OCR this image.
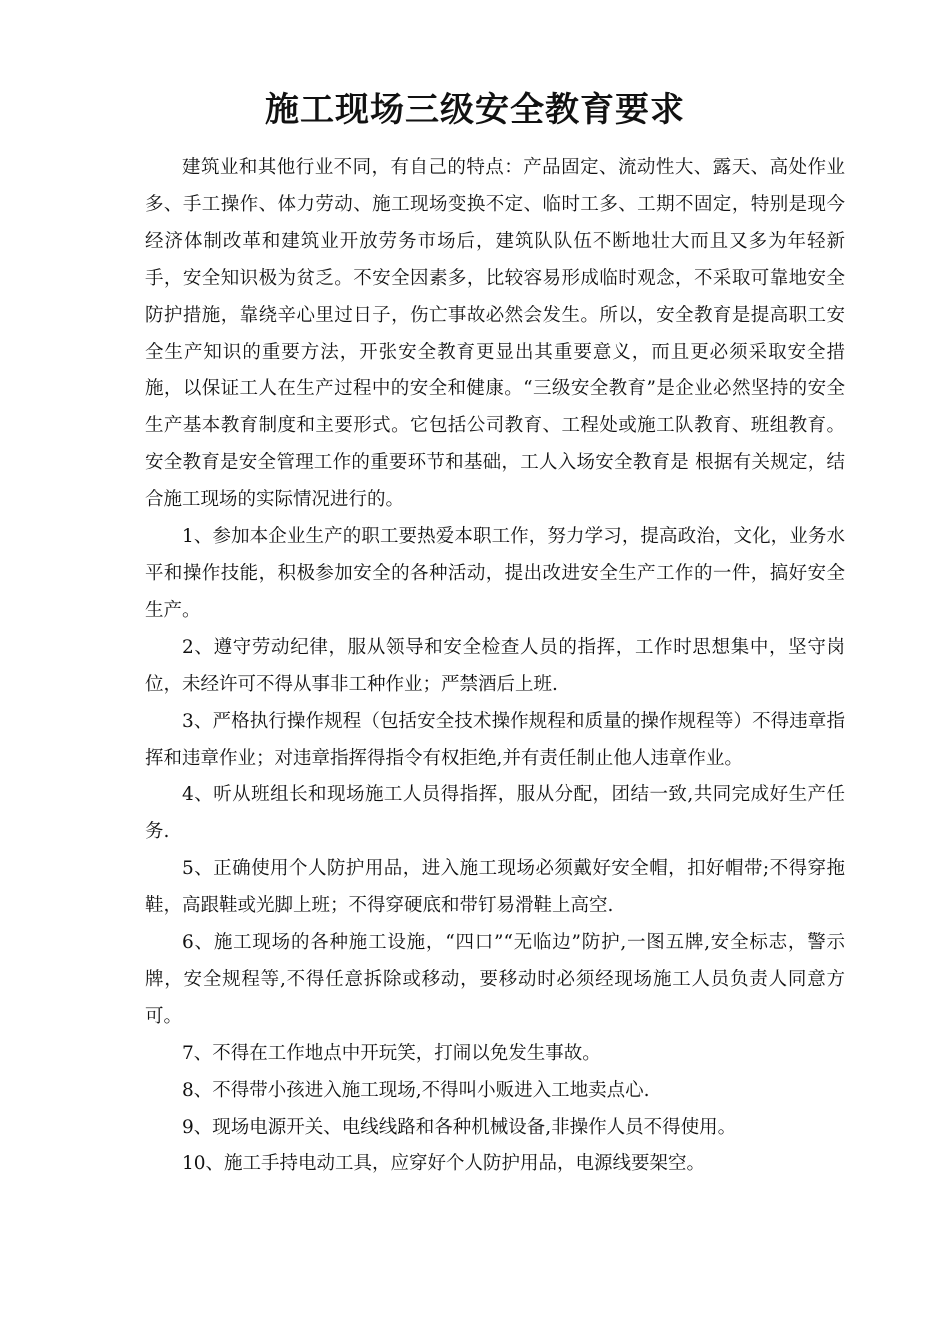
施工现场三级安全教育要求

建筑业和其他行业不同，有自己的特点：产品固定、流动性大、露天、高处作业多、手工操作、体力劳动、施工现场变换不定、临时工多、工期不固定，特别是现今经济体制改革和建筑业开放劳务市场后，建筑队队伍不断地壮大而且又多为年轻新手，安全知识极为贫乏。不安全因素多，比较容易形成临时观念，不采取可靠地安全防护措施，靠绕辛心里过日子，伤亡事故必然会发生。所以，安全教育是提高职工安全生产知识的重要方法，开张安全教育更显出其重要意义，而且更必须采取安全措施，以保证工人在生产过程中的安全和健康。“三级安全教育”是企业必然坚持的安全生产基本教育制度和主要形式。它包括公司教育、工程处或施工队教育、班组教育。安全教育是安全管理工作的重要环节和基础，工人入场安全教育是 根据有关规定，结合施工现场的实际情况进行的。

1、参加本企业生产的职工要热爱本职工作，努力学习，提高政治，文化，业务水平和操作技能，积极参加安全的各种活动，提出改进安全生产工作的一件，搞好安全生产。

2、遵守劳动纪律，服从领导和安全检查人员的指挥，工作时思想集中，坚守岗位，未经许可不得从事非工种作业；严禁酒后上班.

3、严格执行操作规程（包括安全技术操作规程和质量的操作规程等）不得违章指挥和违章作业；对违章指挥得指令有权拒绝,并有责任制止他人违章作业。

4、听从班组长和现场施工人员得指挥，服从分配，团结一致,共同完成好生产任务.

5、正确使用个人防护用品，进入施工现场必须戴好安全帽，扣好帽带;不得穿拖鞋，高跟鞋或光脚上班；不得穿硬底和带钉易滑鞋上高空.

6、施工现场的各种施工设施，“四口”“无临边”防护,一图五牌,安全标志，警示牌，安全规程等,不得任意拆除或移动，要移动时必须经现场施工人员负责人同意方可。

7、不得在工作地点中开玩笑，打闹以免发生事故。

8、不得带小孩进入施工现场,不得叫小贩进入工地卖点心.

9、现场电源开关、电线线路和各种机械设备,非操作人员不得使用。

10、施工手持电动工具，应穿好个人防护用品，电源线要架空。
